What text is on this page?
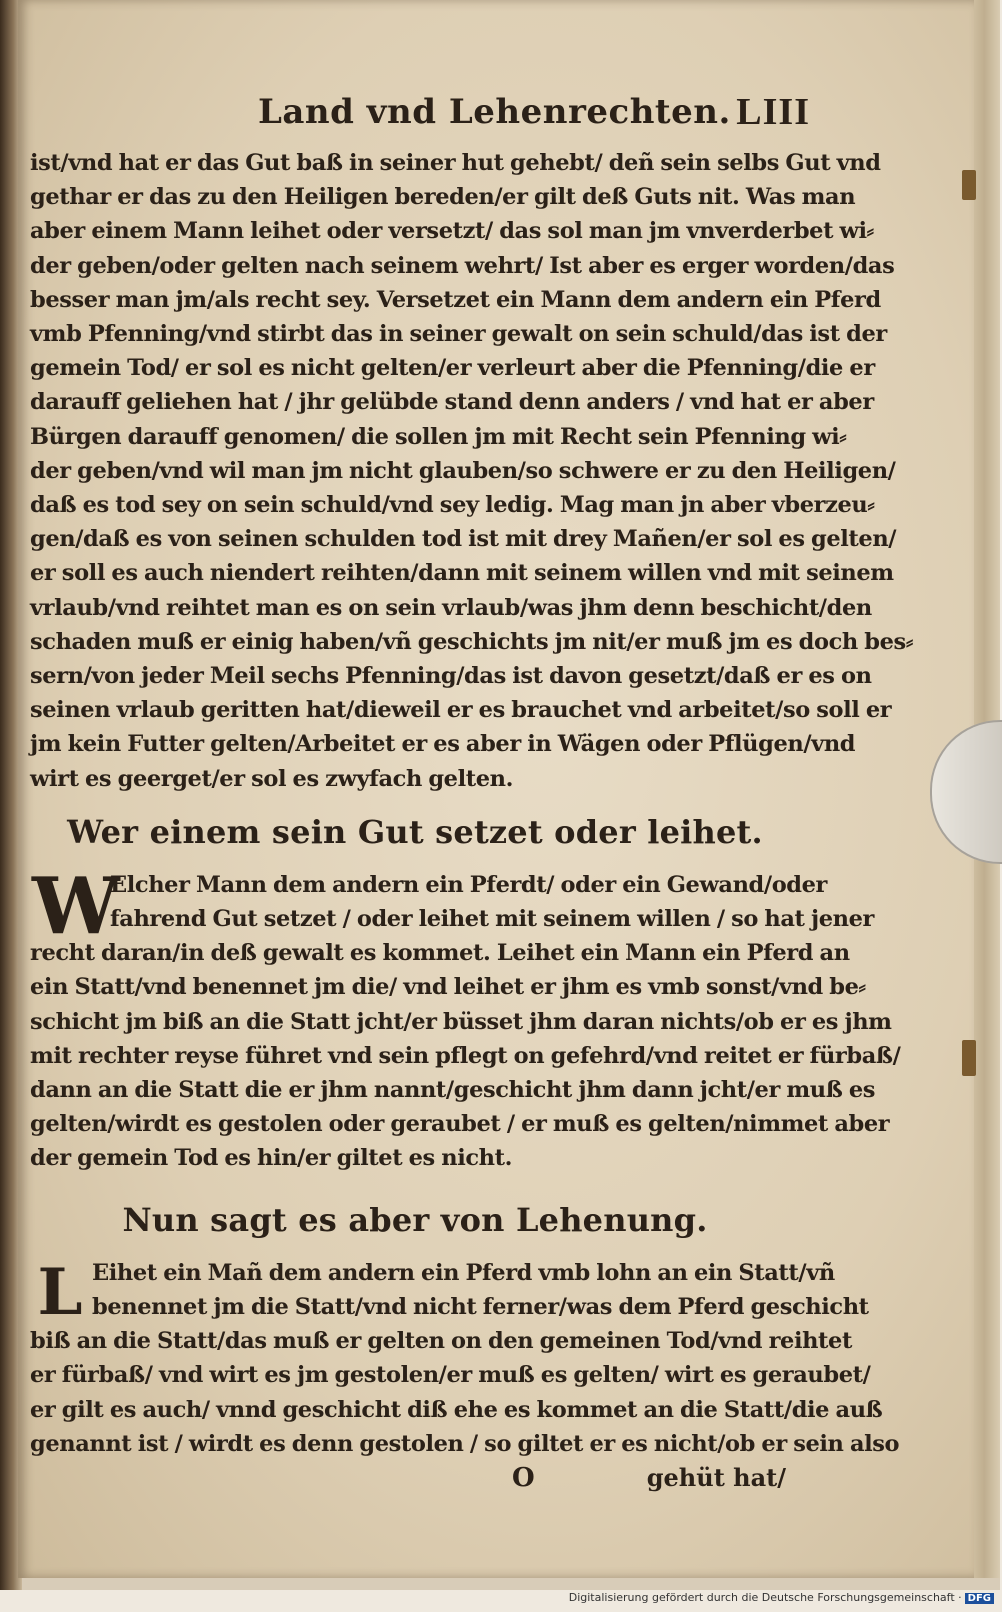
Land vnd Lehenrechten. LIII

ist/vnd hat er das Gut baß in seiner hut gehebt/ deñ sein selbs Gut vnd
gethar er das zu den Heiligen bereden/er gilt deß Guts nit. Was man
aber einem Mann leihet oder versetzt/ das sol man jm vnverderbet wi⸗
der geben/oder gelten nach seinem wehrt/ Ist aber es erger worden/das
besser man jm/als recht sey. Versetzet ein Mann dem andern ein Pferd
vmb Pfenning/vnd stirbt das in seiner gewalt on sein schuld/das ist der
gemein Tod/ er sol es nicht gelten/er verleurt aber die Pfenning/die er
darauff geliehen hat / jhr gelübde stand denn anders / vnd hat er aber
Bürgen darauff genomen/ die sollen jm mit Recht sein Pfenning wi⸗
der geben/vnd wil man jm nicht glauben/so schwere er zu den Heiligen/
daß es tod sey on sein schuld/vnd sey ledig. Mag man jn aber vberzeu⸗
gen/daß es von seinen schulden tod ist mit drey Mañen/er sol es gelten/
er soll es auch niendert reihten/dann mit seinem willen vnd mit seinem
vrlaub/vnd reihtet man es on sein vrlaub/was jhm denn beschicht/den
schaden muß er einig haben/vñ geschichts jm nit/er muß jm es doch bes⸗
sern/von jeder Meil sechs Pfenning/das ist davon gesetzt/daß er es on
seinen vrlaub geritten hat/dieweil er es brauchet vnd arbeitet/so soll er
jm kein Futter gelten/Arbeitet er es aber in Wägen oder Pflügen/vnd
wirt es geerget/er sol es zwyfach gelten.

Wer einem sein Gut setzet oder leihet.
W

Elcher Mann dem andern ein Pferdt/ oder ein Gewand/oder
fahrend Gut setzet / oder leihet mit seinem willen / so hat jener
recht daran/in deß gewalt es kommet. Leihet ein Mann ein Pferd an
ein Statt/vnd benennet jm die/ vnd leihet er jhm es vmb sonst/vnd be⸗
schicht jm biß an die Statt jcht/er büsset jhm daran nichts/ob er es jhm
mit rechter reyse führet vnd sein pflegt on gefehrd/vnd reitet er fürbaß/
dann an die Statt die er jhm nannt/geschicht jhm dann jcht/er muß es
gelten/wirdt es gestolen oder geraubet / er muß es gelten/nimmet aber
der gemein Tod es hin/er giltet es nicht.

Nun sagt es aber von Lehenung.
L Eihet ein Mañ dem andern ein Pferd vmb lohn an ein Statt/vñ
benennet jm die Statt/vnd nicht ferner/was dem Pferd geschicht
biß an die Statt/das muß er gelten on den gemeinen Tod/vnd reihtet
er fürbaß/ vnd wirt es jm gestolen/er muß es gelten/ wirt es geraubet/
er gilt es auch/ vnnd geschicht diß ehe es kommet an die Statt/die auß
genannt ist / wirdt es denn gestolen / so giltet er es nicht/ob er sein also

O	gehüt hat/
Digitalisierung gefördert durch die Deutsche Forschungsgemeinschaft · DFG
